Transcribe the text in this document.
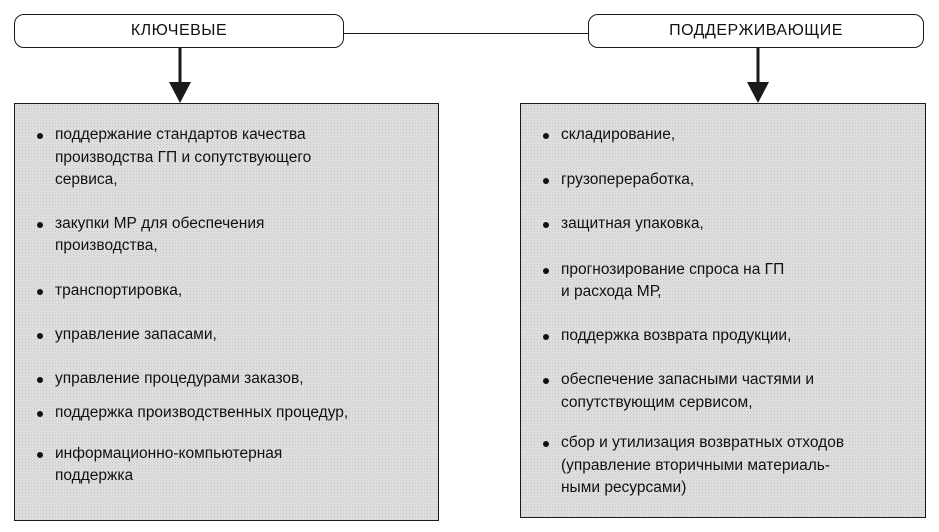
КЛЮЧЕВЫЕ	ПОДДЕРЖИВАЮЩИЕ
поддержание стандартов качества
производства ГП и сопутствующего
сервиса,
закупки МР для обеспечения
производства,
транспортировка,
управление запасами,
управление процедурами заказов,
поддержка производственных процедур,
информационно-компьютерная
поддержка
складирование,
грузопереработка,
защитная упаковка,
прогнозирование спроса на ГП
и расхода МР,
поддержка возврата продукции,
обеспечение запасными частями и
сопутствующим сервисом,
сбор и утилизация возвратных отходов
(управление вторичными материаль-
ными ресурсами)
